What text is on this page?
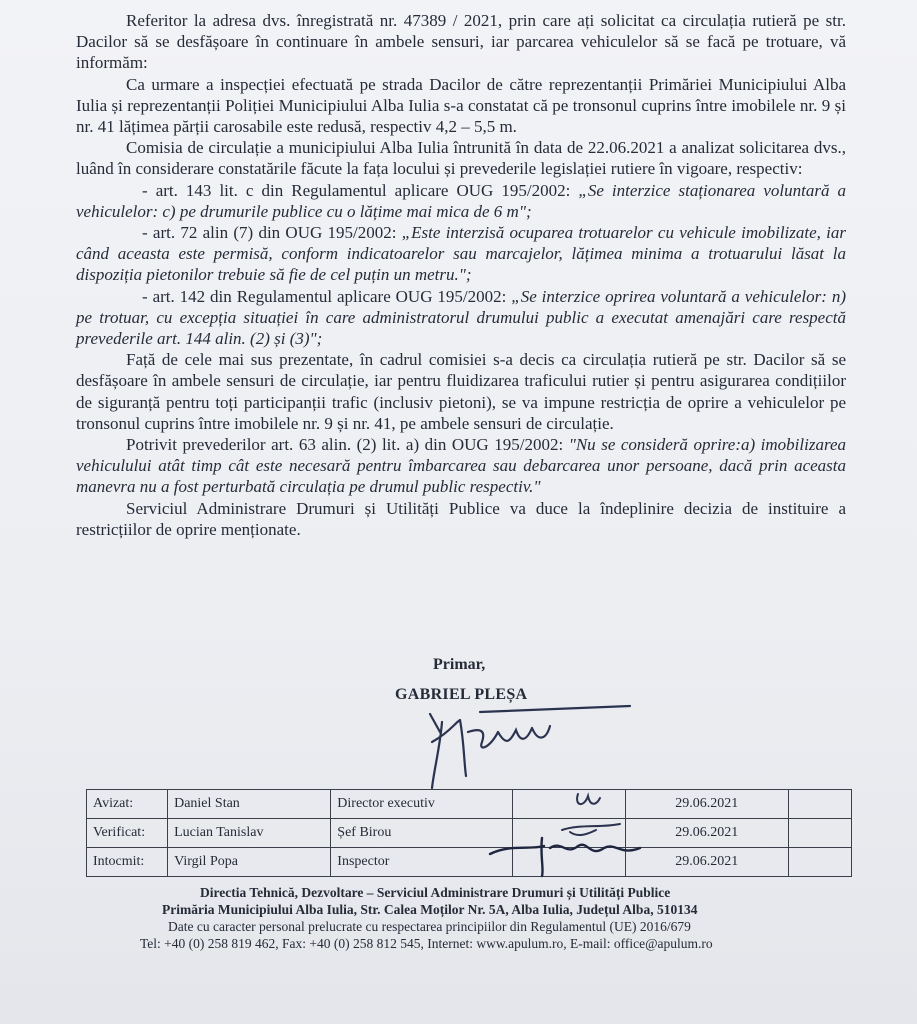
Referitor la adresa dvs. înregistrată nr. 47389 / 2021, prin care ați solicitat ca circulația rutieră pe str. Dacilor să se desfășoare în continuare în ambele sensuri, iar parcarea vehiculelor să se facă pe trotuare, vă informăm:

Ca urmare a inspecției efectuată pe strada Dacilor de către reprezentanții Primăriei Municipiului Alba Iulia și reprezentanții Poliției Municipiului Alba Iulia s-a constatat că pe tronsonul cuprins între imobilele nr. 9 și nr. 41 lățimea părții carosabile este redusă, respectiv 4,2 – 5,5 m.

Comisia de circulație a municipiului Alba Iulia întrunită în data de 22.06.2021 a analizat solicitarea dvs., luând în considerare constatările făcute la fața locului și prevederile legislației rutiere în vigoare, respectiv:

- art. 143 lit. c din Regulamentul aplicare OUG 195/2002: „Se interzice staționarea voluntară a vehiculelor: c) pe drumurile publice cu o lățime mai mica de 6 m";

- art. 72 alin (7) din OUG 195/2002: „Este interzisă ocuparea trotuarelor cu vehicule imobilizate, iar când aceasta este permisă, conform indicatoarelor sau marcajelor, lățimea minima a trotuarului lăsat la dispoziția pietonilor trebuie să fie de cel puțin un metru.";

- art. 142 din Regulamentul aplicare OUG 195/2002: „Se interzice oprirea voluntară a vehiculelor: n) pe trotuar, cu excepția situației în care administratorul drumului public a executat amenajări care respectă prevederile art. 144 alin. (2) și (3)";

Față de cele mai sus prezentate, în cadrul comisiei s-a decis ca circulația rutieră pe str. Dacilor să se desfășoare în ambele sensuri de circulație, iar pentru fluidizarea traficului rutier și pentru asigurarea condițiilor de siguranță pentru toți participanții trafic (inclusiv pietoni), se va impune restricția de oprire a vehiculelor pe tronsonul cuprins între imobilele nr. 9 și nr. 41, pe ambele sensuri de circulație.

Potrivit prevederilor art. 63 alin. (2) lit. a) din OUG 195/2002: "Nu se consideră oprire:a) imobilizarea vehiculului atât timp cât este necesară pentru îmbarcarea sau debarcarea unor persoane, dacă prin aceasta manevra nu a fost perturbată circulația pe drumul public respectiv."

Serviciul Administrare Drumuri și Utilități Publice va duce la îndeplinire decizia de instituire a restricțiilor de oprire menționate.

Primar,
GABRIEL PLEȘA
Avizat:	Daniel Stan	Director executiv		29.06.2021	
Verificat:	Lucian Tanislav	Șef Birou		29.06.2021	
Intocmit:	Virgil Popa	Inspector		29.06.2021	
Directia Tehnică, Dezvoltare – Serviciul Administrare Drumuri și Utilități Publice
Primăria Municipiului Alba Iulia, Str. Calea Moților Nr. 5A, Alba Iulia, Județul Alba, 510134
Date cu caracter personal prelucrate cu respectarea principiilor din Regulamentul (UE) 2016/679
Tel: +40 (0) 258 819 462, Fax: +40 (0) 258 812 545, Internet: www.apulum.ro, E-mail: office@apulum.ro
